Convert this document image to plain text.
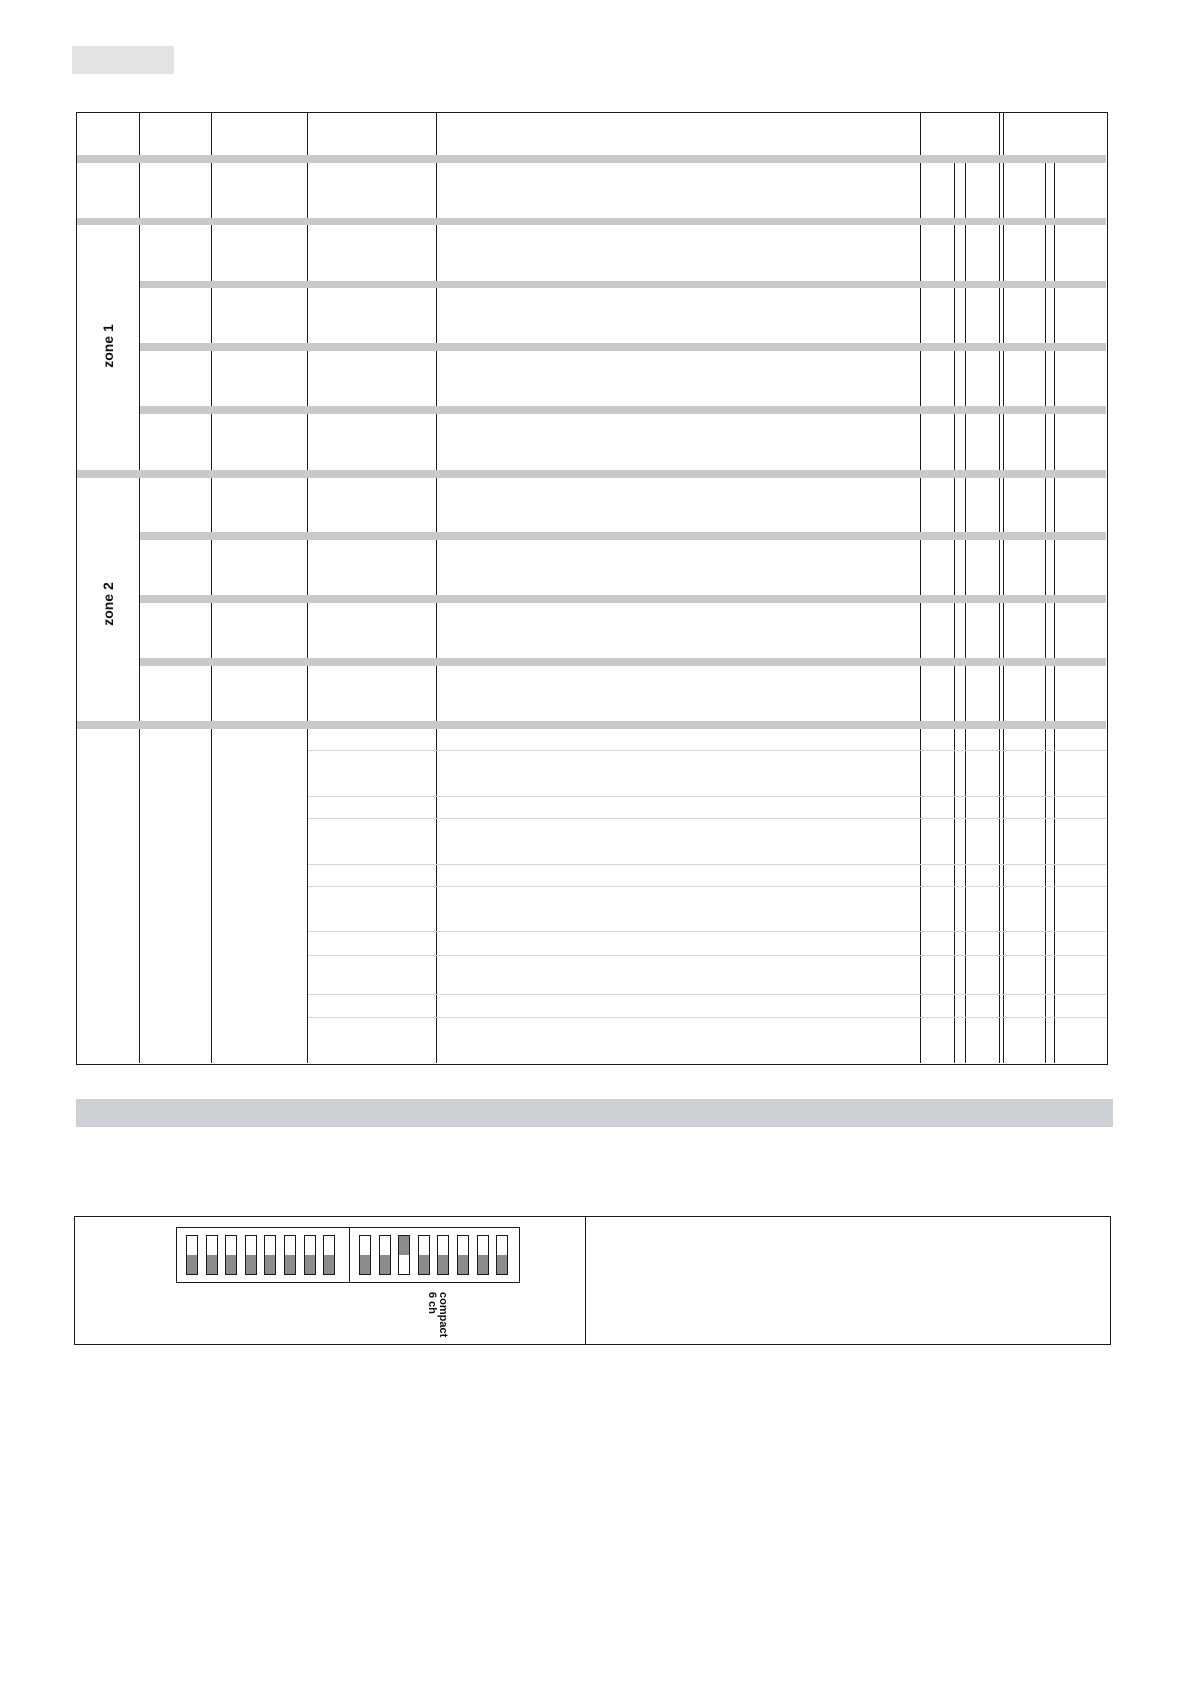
zone 1
zone 2
compact
6 ch
